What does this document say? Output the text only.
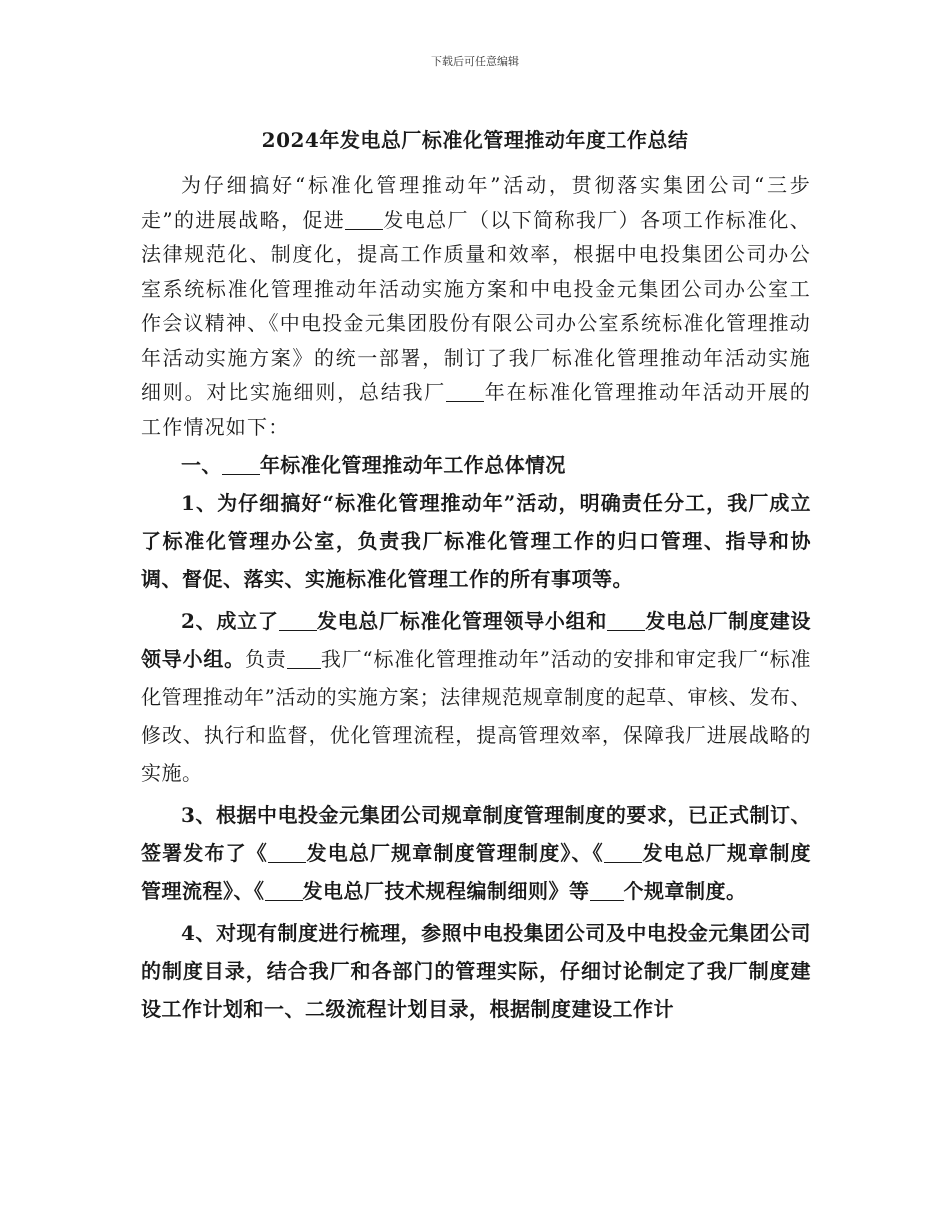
下载后可任意编辑
2024年发电总厂标准化管理推动年度工作总结

为仔细搞好“标准化管理推动年”活动，贯彻落实集团公司“三步走”的进展战略，促进 发电总厂（以下简称我厂）各项工作标准化、法律规范化、制度化，提高工作质量和效率，根据中电投集团公司办公室系统标准化管理推动年活动实施方案和中电投金元集团公司办公室工作会议精神、《中电投金元集团股份有限公司办公室系统标准化管理推动年活动实施方案》的统一部署，制订了我厂标准化管理推动年活动实施细则。对比实施细则，总结我厂 年在标准化管理推动年活动开展的工作情况如下：

一、 年标准化管理推动年工作总体情况

1、为仔细搞好“标准化管理推动年”活动，明确责任分工，我厂成立了标准化管理办公室，负责我厂标准化管理工作的归口管理、指导和协调、督促、落实、实施标准化管理工作的所有事项等。

2、成立了 发电总厂标准化管理领导小组和 发电总厂制度建设领导小组。负责 我厂“标准化管理推动年”活动的安排和审定我厂“标准化管理推动年”活动的实施方案；法律规范规章制度的起草、审核、发布、修改、执行和监督，优化管理流程，提高管理效率，保障我厂进展战略的实施。

3、根据中电投金元集团公司规章制度管理制度的要求，已正式制订、签署发布了《 发电总厂规章制度管理制度》、《 发电总厂规章制度管理流程》、《 发电总厂技术规程编制细则》等 个规章制度。

4、对现有制度进行梳理，参照中电投集团公司及中电投金元集团公司的制度目录，结合我厂和各部门的管理实际，仔细讨论制定了我厂制度建设工作计划和一、二级流程计划目录，根据制度建设工作计
